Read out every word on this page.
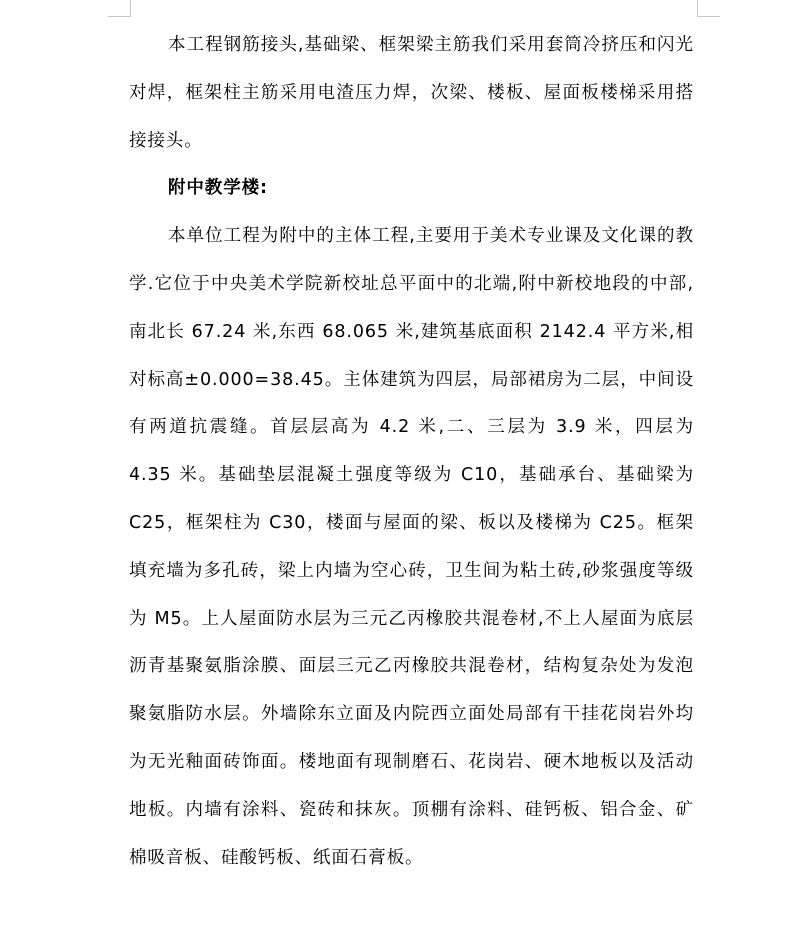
本工程钢筋接头,基础梁、框架梁主筋我们采用套筒冷挤压和闪光对焊，框架柱主筋采用电渣压力焊，次梁、楼板、屋面板楼梯采用搭接接头。

附中教学楼:

本单位工程为附中的主体工程,主要用于美术专业课及文化课的教学.它位于中央美术学院新校址总平面中的北端,附中新校地段的中部,南北长 67.24 米,东西 68.065 米,建筑基底面积 2142.4 平方米,相对标高±0.000=38.45。主体建筑为四层，局部裙房为二层，中间设有两道抗震缝。首层层高为 4.2 米,二、三层为 3.9 米，四层为 4.35 米。基础垫层混凝土强度等级为 C10，基础承台、基础梁为 C25，框架柱为 C30，楼面与屋面的梁、板以及楼梯为 C25。框架填充墙为多孔砖，梁上内墙为空心砖，卫生间为粘土砖,砂浆强度等级为 M5。上人屋面防水层为三元乙丙橡胶共混卷材,不上人屋面为底层沥青基聚氨脂涂膜、面层三元乙丙橡胶共混卷材，结构复杂处为发泡聚氨脂防水层。外墙除东立面及内院西立面处局部有干挂花岗岩外均为无光釉面砖饰面。楼地面有现制磨石、花岗岩、硬木地板以及活动地板。内墙有涂料、瓷砖和抹灰。顶棚有涂料、硅钙板、铝合金、矿棉吸音板、硅酸钙板、纸面石膏板。
